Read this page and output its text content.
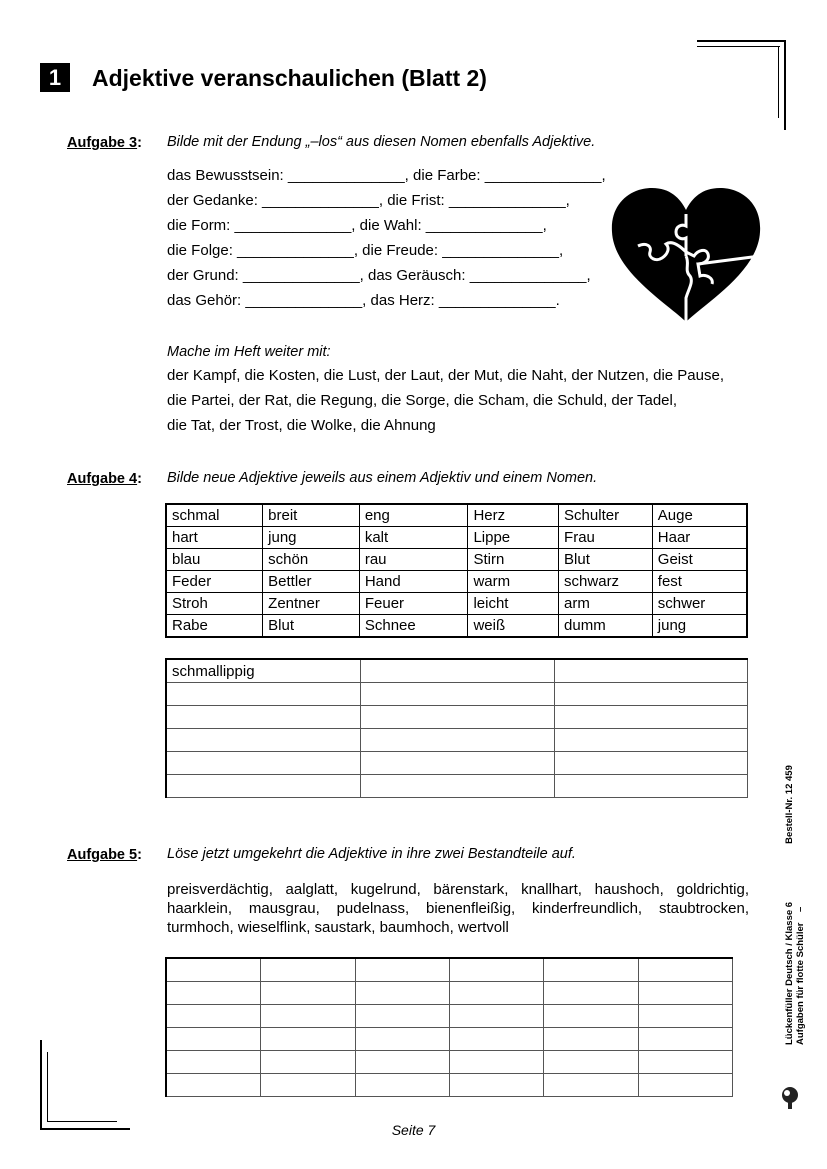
1	Adjektive veranschaulichen (Blatt 2)
Aufgabe 3: Bilde mit der Endung „–los“ aus diesen Nomen ebenfalls Adjektive.
das Bewusstsein: ______________, die Farbe: ______________,
der Gedanke: ______________, die Frist: ______________,
die Form: ______________, die Wahl: ______________,
die Folge: ______________, die Freude: ______________,
der Grund: ______________, das Geräusch: ______________,
das Gehör: ______________, das Herz: ______________.
Mache im Heft weiter mit:
der Kampf, die Kosten, die Lust, der Laut, der Mut, die Naht, der Nutzen, die Pause,
die Partei, der Rat, die Regung, die Sorge, die Scham, die Schuld, der Tadel,
die Tat, der Trost, die Wolke, die Ahnung
Aufgabe 4: Bilde neue Adjektive jeweils aus einem Adjektiv und einem Nomen.
schmal	breit	eng	Herz	Schulter	Auge
hart	jung	kalt	Lippe	Frau	Haar
blau	schön	rau	Stirn	Blut	Geist
Feder	Bettler	Hand	warm	schwarz	fest
Stroh	Zentner	Feuer	leicht	arm	schwer
Rabe	Blut	Schnee	weiß	dumm	jung
schmallippig		

Aufgabe 5: Löse jetzt umgekehrt die Adjektive in ihre zwei Bestandteile auf.
preisverdächtig, aalglatt, kugelrund, bärenstark, knallhart, haushoch, goldrichtig,
haarklein, mausgrau, pudelnass, bienenfleißig, kinderfreundlich, staubtrocken,
turmhoch, wieselflink, saustark, baumhoch, wertvoll

						Lückenfüller Deutsch / Klasse 6                      Bestell-Nr. 12 459
Aufgaben für flotte Schüler    –
Seite 7
